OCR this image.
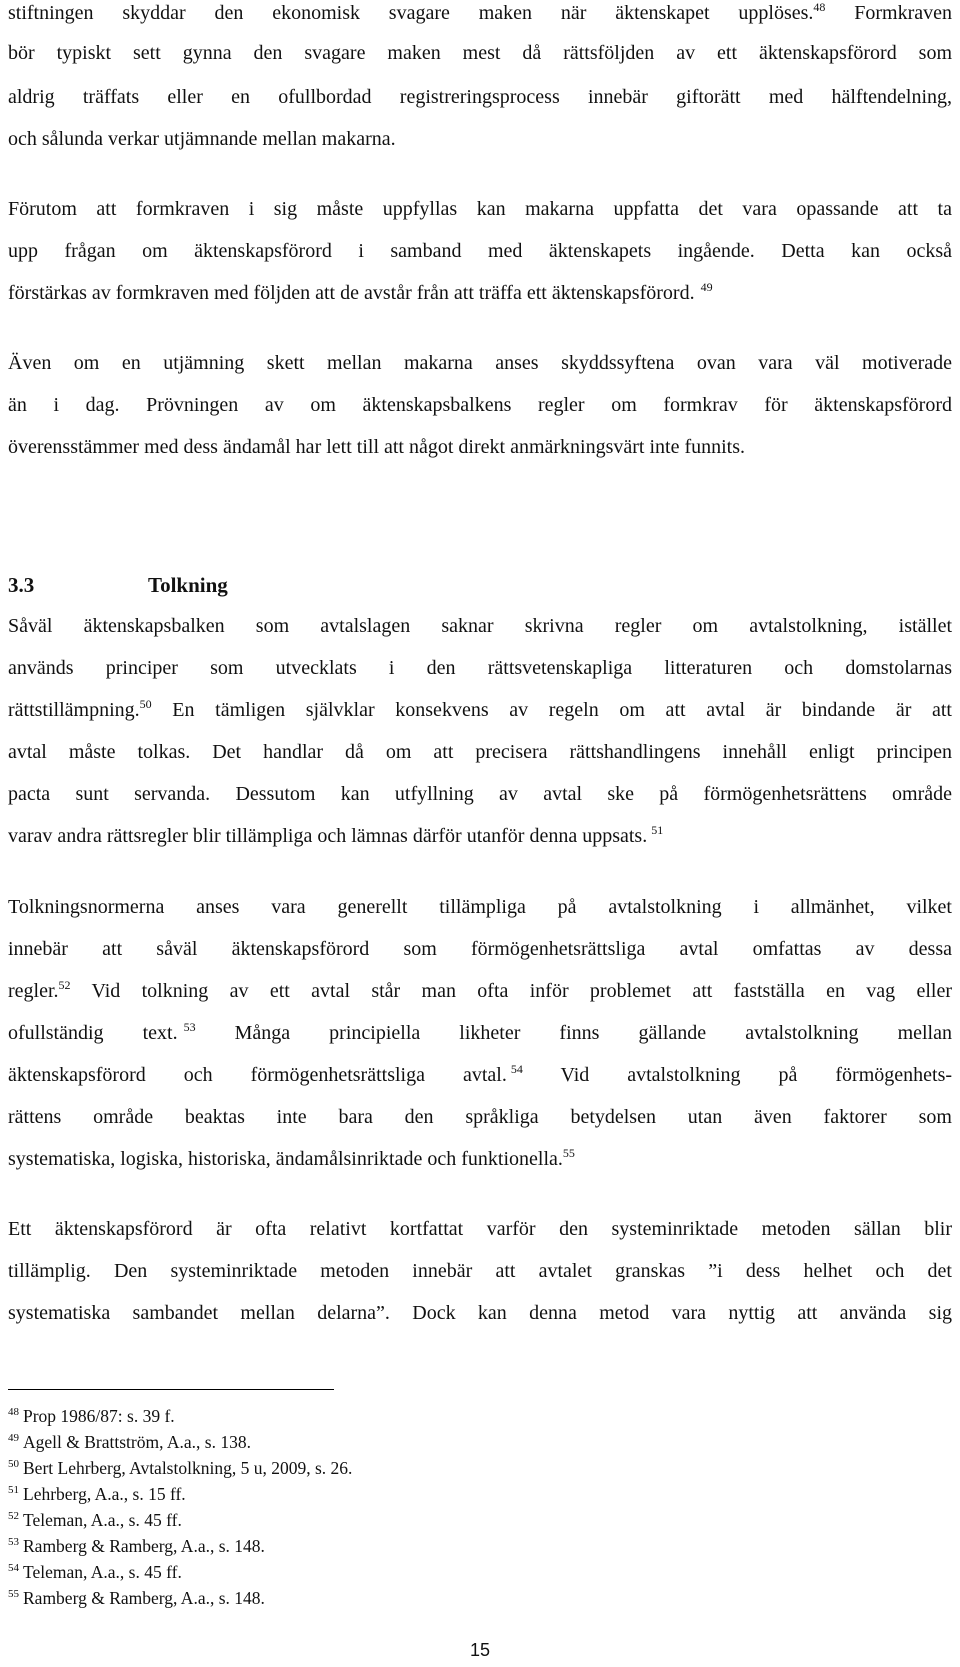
stiftningen skyddar den ekonomisk svagare maken när äktenskapet upplöses.$^{48}$ Formkraven
bör typiskt sett gynna den svagare maken mest då rättsföljden av ett äktenskapsförord som
aldrig träffats eller en ofullbordad registreringsprocess innebär giftorätt med hälftendelning,
och sålunda verkar utjämnande mellan makarna.
Förutom att formkraven i sig måste uppfyllas kan makarna uppfatta det vara opassande att ta
upp frågan om äktenskapsförord i samband med äktenskapets ingående. Detta kan också
förstärkas av formkraven med följden att de avstår från att träffa ett äktenskapsförord. $^{49}$
Även om en utjämning skett mellan makarna anses skyddssyftena ovan vara väl motiverade
än i dag. Prövningen av om äktenskapsbalkens regler om formkrav för äktenskapsförord
överensstämmer med dess ändamål har lett till att något direkt anmärkningsvärt inte funnits.
3.3	Tolkning
Såväl äktenskapsbalken som avtalslagen saknar skrivna regler om avtalstolkning, istället
används principer som utvecklats i den rättsvetenskapliga litteraturen och domstolarnas
rättstillämpning.$^{50}$ En tämligen självklar konsekvens av regeln om att avtal är bindande är att
avtal måste tolkas. Det handlar då om att precisera rättshandlingens innehåll enligt principen
pacta sunt servanda. Dessutom kan utfyllning av avtal ske på förmögenhetsrättens område
varav andra rättsregler blir tillämpliga och lämnas därför utanför denna uppsats. $^{51}$
Tolkningsnormerna anses vara generellt tillämpliga på avtalstolkning i allmänhet, vilket
innebär att såväl äktenskapsförord som förmögenhetsrättsliga avtal omfattas av dessa
regler.$^{52}$ Vid tolkning av ett avtal står man ofta inför problemet att fastställa en vag eller
ofullständig text. $^{53}$ Många principiella likheter finns gällande avtalstolkning mellan
äktenskapsförord och förmögenhetsrättsliga avtal. $^{54}$ Vid avtalstolkning på förmögenhets-
rättens område beaktas inte bara den språkliga betydelsen utan även faktorer som
systematiska, logiska, historiska, ändamålsinriktade och funktionella.$^{55}$
Ett äktenskapsförord är ofta relativt kortfattat varför den systeminriktade metoden sällan blir
tillämplig. Den systeminriktade metoden innebär att avtalet granskas ”i dess helhet och det
systematiska sambandet mellan delarna”. Dock kan denna metod vara nyttig att använda sig
$^{48}$ Prop 1986/87: s. 39 f.
$^{49}$ Agell & Brattström, A.a., s. 138.
$^{50}$ Bert Lehrberg, Avtalstolkning, 5 u, 2009, s. 26.
$^{51}$ Lehrberg, A.a., s. 15 ff.
$^{52}$ Teleman, A.a., s. 45 ff.
$^{53}$ Ramberg & Ramberg, A.a., s. 148.
$^{54}$ Teleman, A.a., s. 45 ff.
$^{55}$ Ramberg & Ramberg, A.a., s. 148.
15
